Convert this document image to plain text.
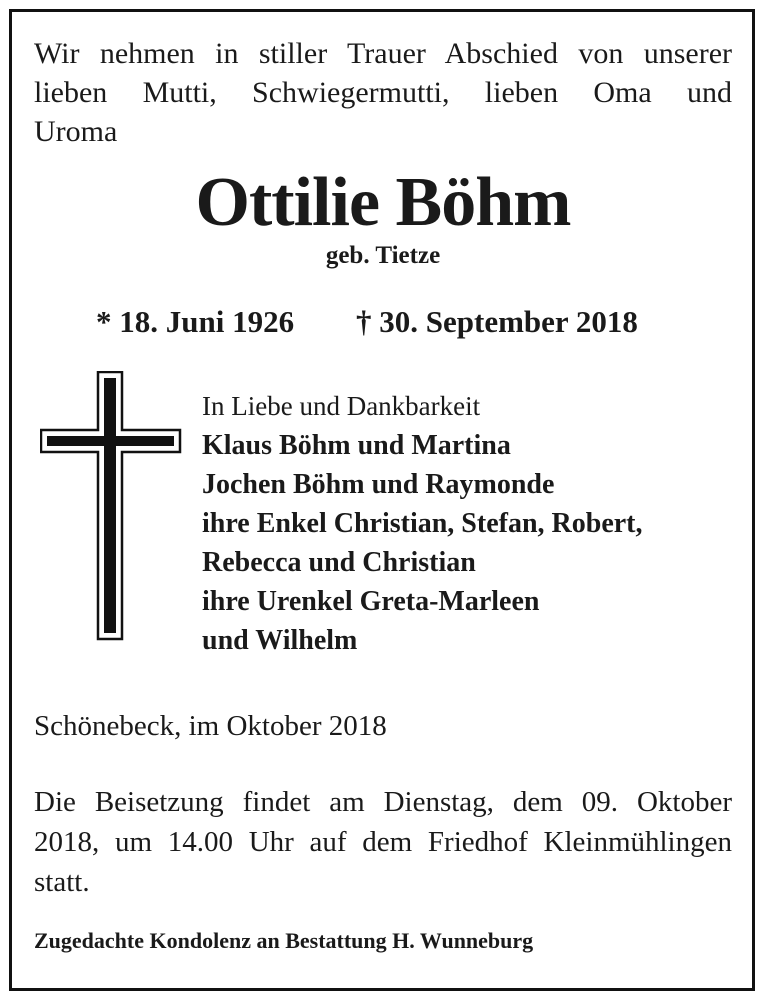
Wir nehmen in stiller Trauer Abschied von unserer
lieben Mutti, Schwiegermutti, lieben Oma und

Uroma

Ottilie Böhm

geb. Tietze

* 18. Juni 1926 † 30. September 2018

In Liebe und Dankbarkeit

Klaus Böhm und Martina
Jochen Böhm und Raymonde
ihre Enkel Christian, Stefan, Robert,
Rebecca und Christian
ihre Urenkel Greta-Marleen
und Wilhelm

Schönebeck, im Oktober 2018

Die Beisetzung findet am Dienstag, dem 09. Oktober
2018, um 14.00 Uhr auf dem Friedhof Kleinmühlingen
statt.

Zugedachte Kondolenz an Bestattung H. Wunneburg
